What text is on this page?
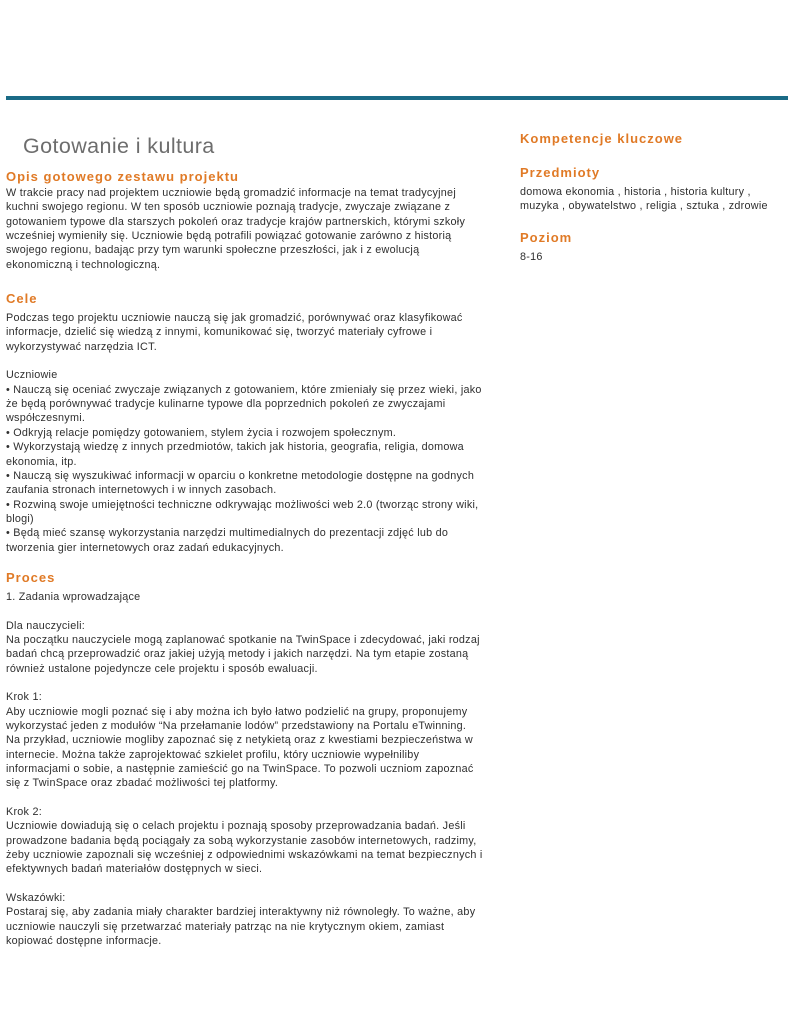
Gotowanie i kultura
Opis gotowego zestawu projektu

W trakcie pracy nad projektem uczniowie będą gromadzić informacje na temat tradycyjnej
kuchni swojego regionu. W ten sposób uczniowie poznają tradycje, zwyczaje związane z
gotowaniem typowe dla starszych pokoleń oraz tradycje krajów partnerskich, którymi szkoły
wcześniej wymieniły się. Uczniowie będą potrafili powiązać gotowanie zarówno z historią
swojego regionu, badając przy tym warunki społeczne przeszłości, jak i z ewolucją
ekonomiczną i technologiczną.

Cele

Podczas tego projektu uczniowie nauczą się jak gromadzić, porównywać oraz klasyfikować
informacje, dzielić się wiedzą z innymi, komunikować się, tworzyć materiały cyfrowe i
wykorzystywać narzędzia ICT.

Uczniowie
• Nauczą się oceniać zwyczaje związanych z gotowaniem, które zmieniały się przez wieki, jako
że będą porównywać tradycje kulinarne typowe dla poprzednich pokoleń ze zwyczajami
współczesnymi.
• Odkryją relacje pomiędzy gotowaniem, stylem życia i rozwojem społecznym.
• Wykorzystają wiedzę z innych przedmiotów, takich jak historia, geografia, religia, domowa
ekonomia, itp.
• Nauczą się wyszukiwać informacji w oparciu o konkretne metodologie dostępne na godnych
zaufania stronach internetowych i w innych zasobach.
• Rozwiną swoje umiejętności techniczne odkrywając możliwości web 2.0 (tworząc strony wiki,
blogi)
• Będą mieć szansę wykorzystania narzędzi multimedialnych do prezentacji zdjęć lub do
tworzenia gier internetowych oraz zadań edukacyjnych.

Proces

1. Zadania wprowadzające

Dla nauczycieli:
Na początku nauczyciele mogą zaplanować spotkanie na TwinSpace i zdecydować, jaki rodzaj
badań chcą przeprowadzić oraz jakiej użyją metody i jakich narzędzi. Na tym etapie zostaną
również ustalone pojedyncze cele projektu i sposób ewaluacji.

Krok 1:
Aby uczniowie mogli poznać się i aby można ich było łatwo podzielić na grupy, proponujemy
wykorzystać jeden z modułów “Na przełamanie lodów” przedstawiony na Portalu eTwinning.
Na przykład, uczniowie mogliby zapoznać się z netykietą oraz z kwestiami bezpieczeństwa w
internecie. Można także zaprojektować szkielet profilu, który uczniowie wypełniliby
informacjami o sobie, a następnie zamieścić go na TwinSpace. To pozwoli uczniom zapoznać
się z TwinSpace oraz zbadać możliwości tej platformy.

Krok 2:
Uczniowie dowiadują się o celach projektu i poznają sposoby przeprowadzania badań. Jeśli
prowadzone badania będą pociągały za sobą wykorzystanie zasobów internetowych, radzimy,
żeby uczniowie zapoznali się wcześniej z odpowiednimi wskazówkami na temat bezpiecznych i
efektywnych badań materiałów dostępnych w sieci.

Wskazówki:
Postaraj się, aby zadania miały charakter bardziej interaktywny niż równoległy. To ważne, aby
uczniowie nauczyli się przetwarzać materiały patrząc na nie krytycznym okiem, zamiast
kopiować dostępne informacje.

Kompetencje kluczowe
Przedmioty

domowa ekonomia , historia , historia kultury ,
muzyka , obywatelstwo , religia , sztuka , zdrowie

Poziom

8-16
